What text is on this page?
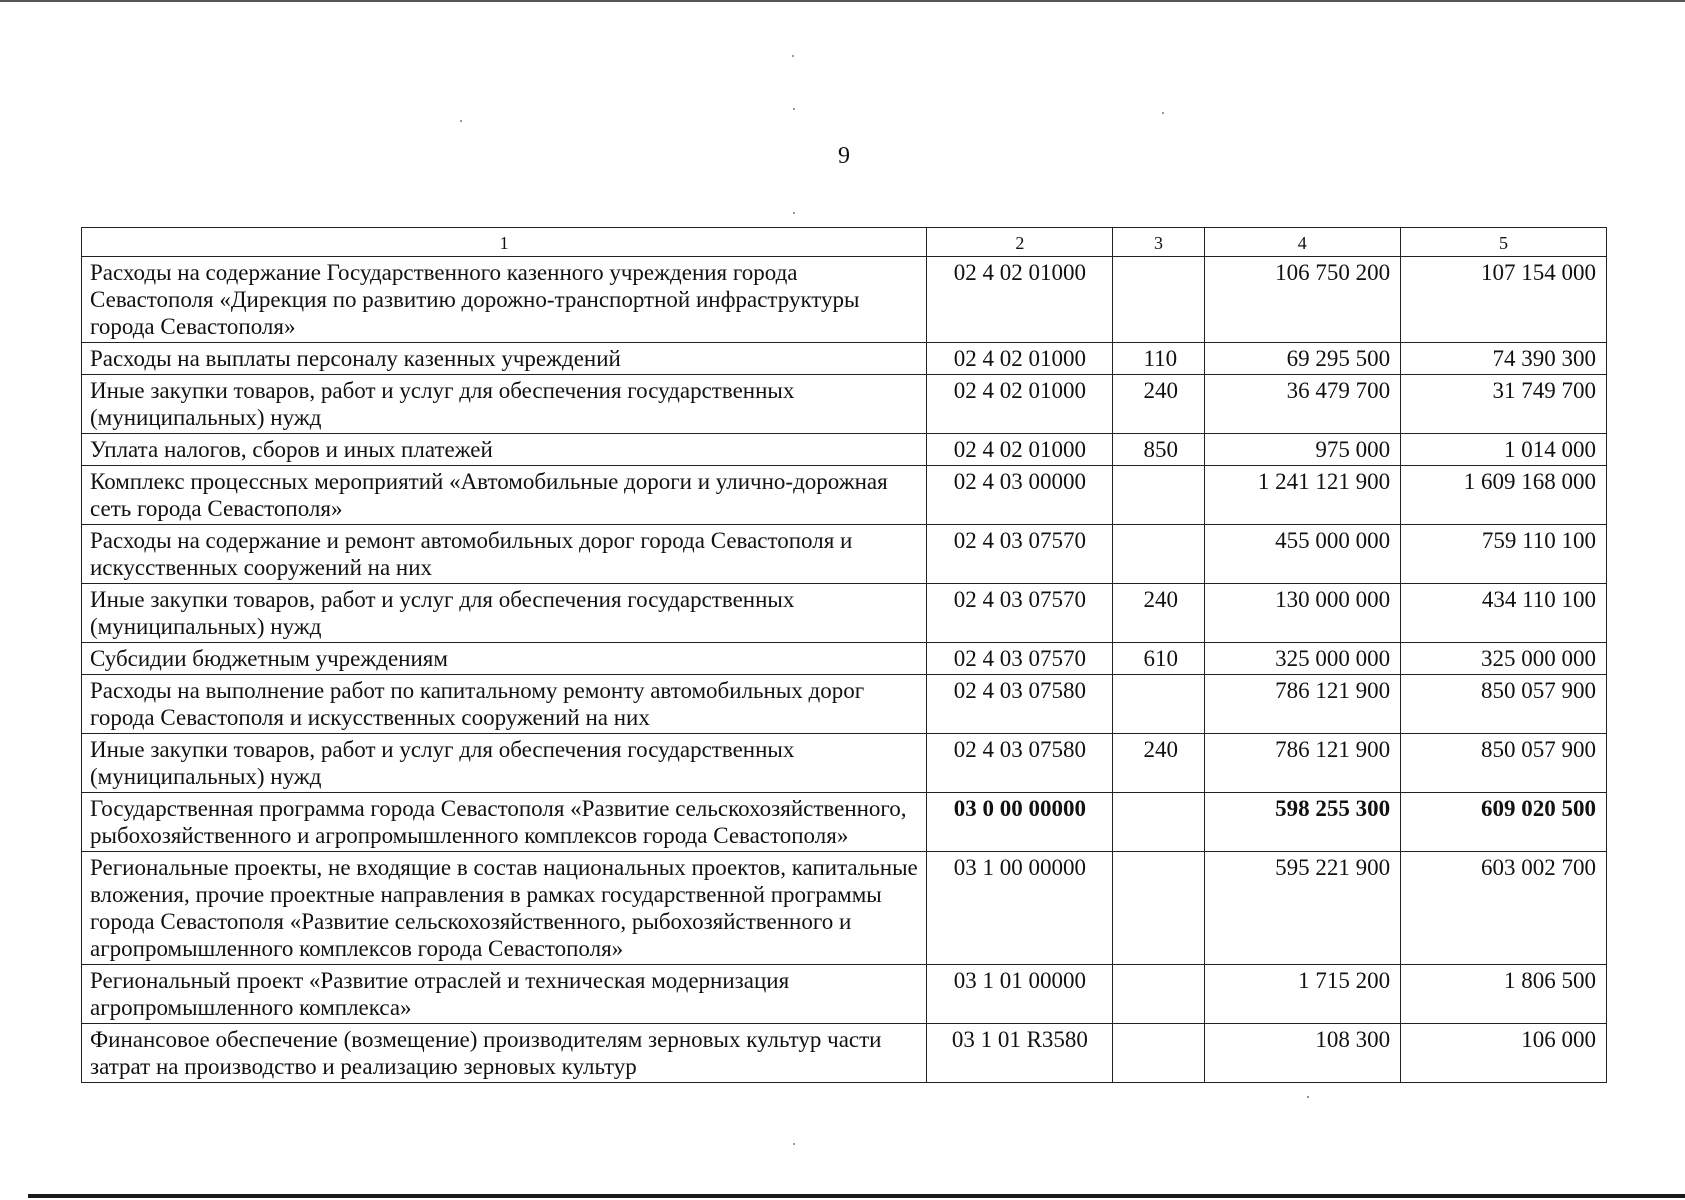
9
1	2	3	4	5
Расходы на содержание Государственного казенного учреждения города Севастополя «Дирекция по развитию дорожно-транспортной инфраструктуры города Севастополя»	02 4 02 01000		106 750 200	107 154 000
Расходы на выплаты персоналу казенных учреждений	02 4 02 01000	110	69 295 500	74 390 300
Иные закупки товаров, работ и услуг для обеспечения государственных (муниципальных) нужд	02 4 02 01000	240	36 479 700	31 749 700
Уплата налогов, сборов и иных платежей	02 4 02 01000	850	975 000	1 014 000
Комплекс процессных мероприятий «Автомобильные дороги и улично-дорожная сеть города Севастополя»	02 4 03 00000		1 241 121 900	1 609 168 000
Расходы на содержание и ремонт автомобильных дорог города Севастополя и искусственных сооружений на них	02 4 03 07570		455 000 000	759 110 100
Иные закупки товаров, работ и услуг для обеспечения государственных (муниципальных) нужд	02 4 03 07570	240	130 000 000	434 110 100
Субсидии бюджетным учреждениям	02 4 03 07570	610	325 000 000	325 000 000
Расходы на выполнение работ по капитальному ремонту автомобильных дорог города Севастополя и искусственных сооружений на них	02 4 03 07580		786 121 900	850 057 900
Иные закупки товаров, работ и услуг для обеспечения государственных (муниципальных) нужд	02 4 03 07580	240	786 121 900	850 057 900
Государственная программа города Севастополя «Развитие сельскохозяйственного, рыбохозяйственного и агропромышленного комплексов города Севастополя»	03 0 00 00000		598 255 300	609 020 500
Региональные проекты, не входящие в состав национальных проектов, капитальные вложения, прочие проектные направления в рамках государственной программы города Севастополя «Развитие сельскохозяйственного, рыбохозяйственного и агропромышленного комплексов города Севастополя»	03 1 00 00000		595 221 900	603 002 700
Региональный проект «Развитие отраслей и техническая модернизация агропромышленного комплекса»	03 1 01 00000		1 715 200	1 806 500
Финансовое обеспечение (возмещение) производителям зерновых культур части затрат на производство и реализацию зерновых культур	03 1 01 R3580		108 300	106 000
